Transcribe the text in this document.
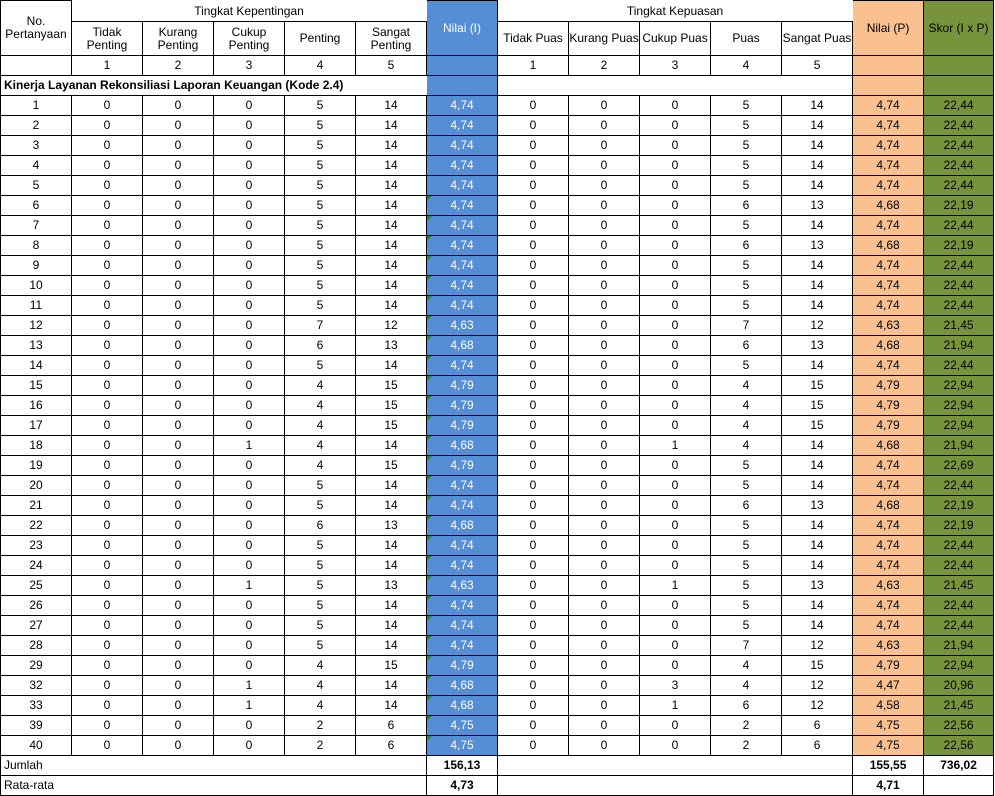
No. Pertanyaan	Tingkat Kepentingan					Nilai (I)	Tingkat Kepuasan					Nilai (P)	Skor (I x P)
	Tidak Penting	Kurang Penting	Cukup Penting	Penting	Sangat Penting		Tidak Puas	Kurang Puas	Cukup Puas	Puas	Sangat Puas		
	1	2	3	4	5		1	2	3	4	5		
Kinerja Layanan Rekonsiliasi Laporan Keuangan (Kode 2.4)													
1	0	0	0	5	14	4,74	0	0	0	5	14	4,74	22,44
2	0	0	0	5	14	4,74	0	0	0	5	14	4,74	22,44
3	0	0	0	5	14	4,74	0	0	0	5	14	4,74	22,44
4	0	0	0	5	14	4,74	0	0	0	5	14	4,74	22,44
5	0	0	0	5	14	4,74	0	0	0	5	14	4,74	22,44
6	0	0	0	5	14	4,74	0	0	0	6	13	4,68	22,19
7	0	0	0	5	14	4,74	0	0	0	5	14	4,74	22,44
8	0	0	0	5	14	4,74	0	0	0	6	13	4,68	22,19
9	0	0	0	5	14	4,74	0	0	0	5	14	4,74	22,44
10	0	0	0	5	14	4,74	0	0	0	5	14	4,74	22,44
11	0	0	0	5	14	4,74	0	0	0	5	14	4,74	22,44
12	0	0	0	7	12	4,63	0	0	0	7	12	4,63	21,45
13	0	0	0	6	13	4,68	0	0	0	6	13	4,68	21,94
14	0	0	0	5	14	4,74	0	0	0	5	14	4,74	22,44
15	0	0	0	4	15	4,79	0	0	0	4	15	4,79	22,94
16	0	0	0	4	15	4,79	0	0	0	4	15	4,79	22,94
17	0	0	0	4	15	4,79	0	0	0	4	15	4,79	22,94
18	0	0	1	4	14	4,68	0	0	1	4	14	4,68	21,94
19	0	0	0	4	15	4,79	0	0	0	5	14	4,74	22,69
20	0	0	0	5	14	4,74	0	0	0	5	14	4,74	22,44
21	0	0	0	5	14	4,74	0	0	0	6	13	4,68	22,19
22	0	0	0	6	13	4,68	0	0	0	5	14	4,74	22,19
23	0	0	0	5	14	4,74	0	0	0	5	14	4,74	22,44
24	0	0	0	5	14	4,74	0	0	0	5	14	4,74	22,44
25	0	0	1	5	13	4,63	0	0	1	5	13	4,63	21,45
26	0	0	0	5	14	4,74	0	0	0	5	14	4,74	22,44
27	0	0	0	5	14	4,74	0	0	0	5	14	4,74	22,44
28	0	0	0	5	14	4,74	0	0	0	7	12	4,63	21,94
29	0	0	0	4	15	4,79	0	0	0	4	15	4,79	22,94
32	0	0	1	4	14	4,68	0	0	3	4	12	4,47	20,96
33	0	0	1	4	14	4,68	0	0	1	6	12	4,58	21,45
39	0	0	0	2	6	4,75	0	0	0	2	6	4,75	22,56
40	0	0	0	2	6	4,75	0	0	0	2	6	4,75	22,56
Jumlah						156,13						155,55	736,02
Rata-rata						4,73						4,71	
